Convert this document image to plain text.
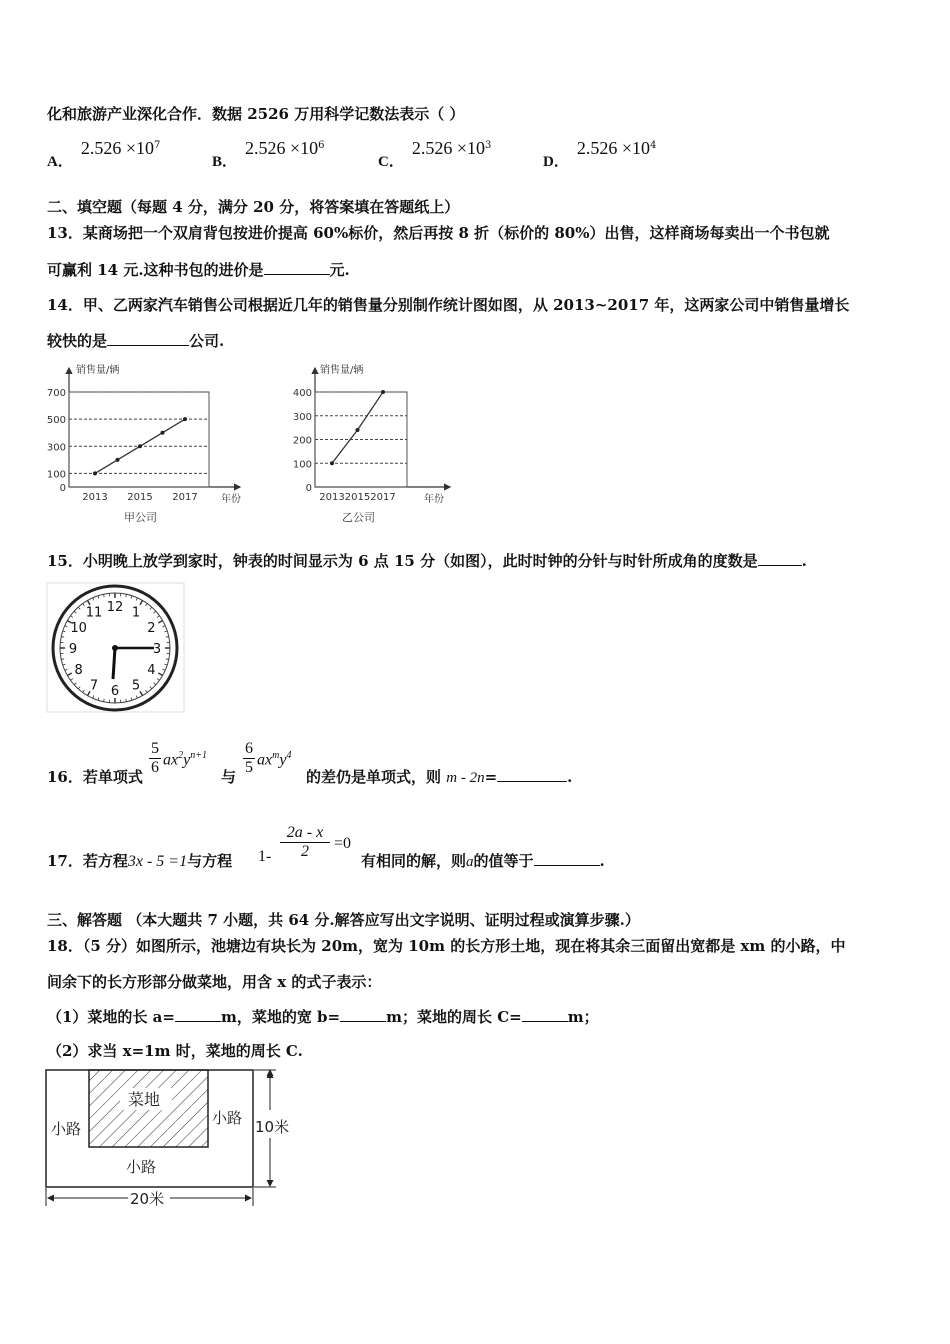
化和旅游产业深化合作．数据 2526 万用科学记数法表示（ ）
A．$2.526 \times 10^7$
B．$2.526 \times 10^6$
C．$2.526 \times 10^3$
D．$2.526 \times 10^4$
二、填空题（每题 4 分，满分 20 分，将答案填在答题纸上）
13．某商场把一个双肩背包按进价提高 60%标价，然后再按 8 折（标价的 80%）出售，这样商场每卖出一个书包就
可赢利 14 元.这种书包的进价是	元.
14．甲、乙两家汽车销售公司根据近几年的销售量分别制作统计图如图，从 2013~2017 年，这两家公司中销售量增长
较快的是	公司.
销售量/辆
年份
甲公司
700
500
300
100
0
2013 2015 2017
销售量/辆
年份
乙公司
400
300
200
100
0
2013 2015 2017
15．小明晚上放学到家时，钟表的时间显示为 6 点 15 分（如图），此时时钟的分针与时针所成角的度数是	.
12 1
2
3
4
5
6
7
8
9
10
11
16．若单项式 $\frac{5}{6} ax^2y^{n+1}$
与 $\frac{6}{5} ax^my^4$
的差仍是单项式，则 m - 2n=	.
17．若方程3x - 5 =1与方程 $1- \frac{2a - x}{2} =0$
有相同的解，则a的值等于	.
三、解答题 （本大题共 7 小题，共 64 分.解答应写出文字说明、证明过程或演算步骤.）
18．（5 分）如图所示，池塘边有块长为 20m，宽为 10m 的长方形土地，现在将其余三面留出宽都是 xm 的小路，中
间余下的长方形部分做菜地，用含 x 的式子表示：
（1）菜地的长 a=	m，菜地的宽 b=	m；菜地的周长 C=	m；
（2）求当 x=1m 时，菜地的周长 C.
菜地
小路
小路
小路
10米
20米
